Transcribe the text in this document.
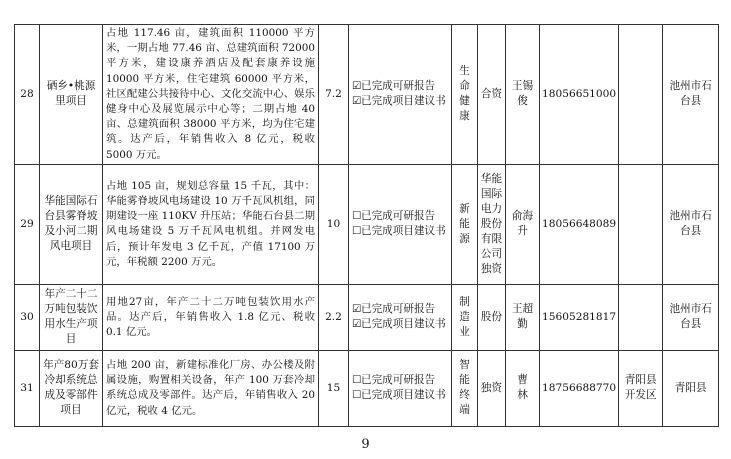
28	硒乡•桃源里项目	占地 117.46 亩，建筑面积 110000 平方米，一期占地 77.46 亩、总建筑面积 72000 平方米，建设康养酒店及配套康养设施 10000 平方米，住宅建筑 60000 平方米，社区配建公共接待中心、文化交流中心、娱乐健身中心及展览展示中心等；二期占地 40 亩、总建筑面积 38000 平方米，均为住宅建筑。达产后，年销售收入 8 亿元，税收 5000 万元。	7.2	☑已完成可研报告
☑已完成项目建议书	生命健康	合资	王锡俊	18056651000		池州市石台县
29	华能国际石台县雾脊坡及小河二期风电项目	占地 105 亩，规划总容量 15 千瓦，其中：华能雾脊坡风电场建设 10 万千瓦风机组，同期建设一座 110KV 升压站；华能石台县二期风电场建设 5 万千瓦风电机组。并网发电后，预计年发电 3 亿千瓦，产值 17100 万元，年税额 2200 万元。	10	☐已完成可研报告
☐已完成项目建议书	新能源	华能国际电力股份有限公司独资	俞海升	18056648089		池州市石台县
30	年产二十二万吨包装饮用水生产项目	用地27亩，年产二十二万吨包装饮用水产品。达产后，年销售收入 1.8 亿元、税收 0.1 亿元。	2.2	☑已完成可研报告
☑已完成项目建议书	制造业	股份	王超勤	15605281817		池州市石台县
31	年产80万套冷却系统总成及零部件项目	占地 200 亩，新建标准化厂房、办公楼及附属设施，购置相关设备，年产 100 万套冷却系统总成及零部件。达产后，年销售收入 20 亿元，税收 4 亿元。	15	☐已完成可研报告
☐已完成项目建议书	智能终端	独资	曹　林	18756688770	青阳县开发区	青阳县
9
